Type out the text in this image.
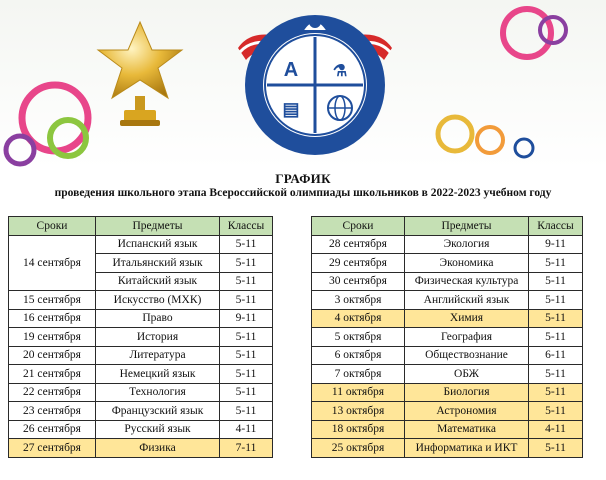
А ⚗
▤
ГРАФИК
проведения школьного этапа Всероссийской олимпиады школьников в 2022-2023 учебном году
Сроки	Предметы	Классы
14 сентября	Испанский язык	5-11
	Итальянский язык	5-11
	Китайский язык	5-11
15 сентября	Искусство (МХК)	5-11
16 сентября	Право	9-11
19 сентября	История	5-11
20 сентября	Литература	5-11
21 сентября	Немецкий язык	5-11
22 сентября	Технология	5-11
23 сентября	Французский язык	5-11
26 сентября	Русский язык	4-11
27 сентября	Физика	7-11
Сроки	Предметы	Классы
28 сентября	Экология	9-11
29 сентября	Экономика	5-11
30 сентября	Физическая культура	5-11
3 октября	Английский язык	5-11
4 октября	Химия	5-11
5 октября	География	5-11
6 октября	Обществознание	6-11
7 октября	ОБЖ	5-11
11 октября	Биология	5-11
13 октября	Астрономия	5-11
18 октября	Математика	4-11
25 октября	Информатика и ИКТ	5-11
